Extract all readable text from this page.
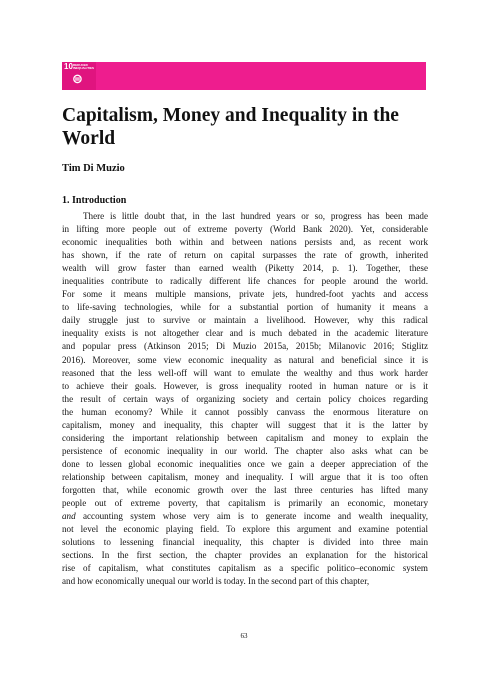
10 REDUCED
INEQUALITIES
⊜
Capitalism, Money and Inequality in the World
Tim Di Muzio
1. Introduction
There is little doubt that, in the last hundred years or so, progress has been made
in lifting more people out of extreme poverty (World Bank 2020). Yet, considerable
economic inequalities both within and between nations persists and, as recent work
has shown, if the rate of return on capital surpasses the rate of growth, inherited
wealth will grow faster than earned wealth (Piketty 2014, p. 1). Together, these
inequalities contribute to radically different life chances for people around the world.
For some it means multiple mansions, private jets, hundred-foot yachts and access
to life-saving technologies, while for a substantial portion of humanity it means a
daily struggle just to survive or maintain a livelihood. However, why this radical
inequality exists is not altogether clear and is much debated in the academic literature
and popular press (Atkinson 2015; Di Muzio 2015a, 2015b; Milanovic 2016; Stiglitz
2016). Moreover, some view economic inequality as natural and beneficial since it is
reasoned that the less well-off will want to emulate the wealthy and thus work harder
to achieve their goals. However, is gross inequality rooted in human nature or is it
the result of certain ways of organizing society and certain policy choices regarding
the human economy? While it cannot possibly canvass the enormous literature on
capitalism, money and inequality, this chapter will suggest that it is the latter by
considering the important relationship between capitalism and money to explain the
persistence of economic inequality in our world. The chapter also asks what can be
done to lessen global economic inequalities once we gain a deeper appreciation of the
relationship between capitalism, money and inequality. I will argue that it is too often
forgotten that, while economic growth over the last three centuries has lifted many
people out of extreme poverty, that capitalism is primarily an economic, monetary
and accounting system whose very aim is to generate income and wealth inequality,
not level the economic playing field. To explore this argument and examine potential
solutions to lessening financial inequality, this chapter is divided into three main
sections. In the first section, the chapter provides an explanation for the historical
rise of capitalism, what constitutes capitalism as a specific politico–economic system
and how economically unequal our world is today. In the second part of this chapter,
63
